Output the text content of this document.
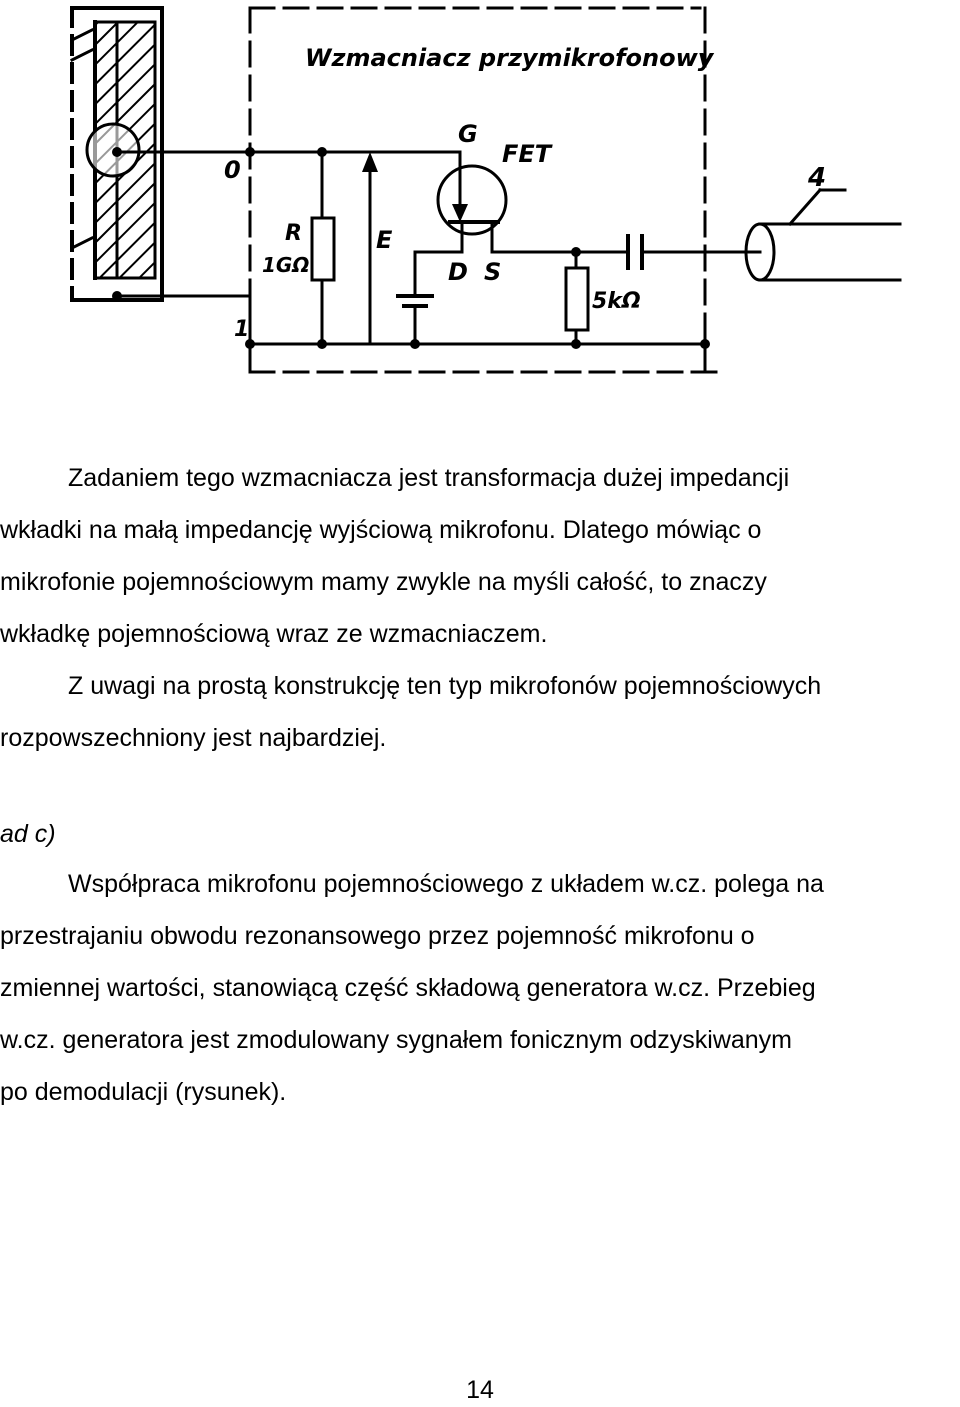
Wzmacniacz przymikrofonowy
0
1
R
1GΩ
E
G
FET
D S
5kΩ
4
Zadaniem tego wzmacniacza jest transformacja dużej impedancji
wkładki na małą impedancję wyjściową mikrofonu. Dlatego mówiąc o
mikrofonie pojemnościowym mamy zwykle na myśli całość, to znaczy
wkładkę pojemnościową wraz ze wzmacniaczem.
Z uwagi na prostą konstrukcję ten typ mikrofonów pojemnościowych
rozpowszechniony jest najbardziej.
ad c)
Współpraca mikrofonu pojemnościowego z układem w.cz. polega na
przestrajaniu obwodu rezonansowego przez pojemność mikrofonu o
zmiennej wartości, stanowiącą część składową generatora w.cz. Przebieg
w.cz. generatora jest zmodulowany sygnałem fonicznym odzyskiwanym
po demodulacji (rysunek).
14
